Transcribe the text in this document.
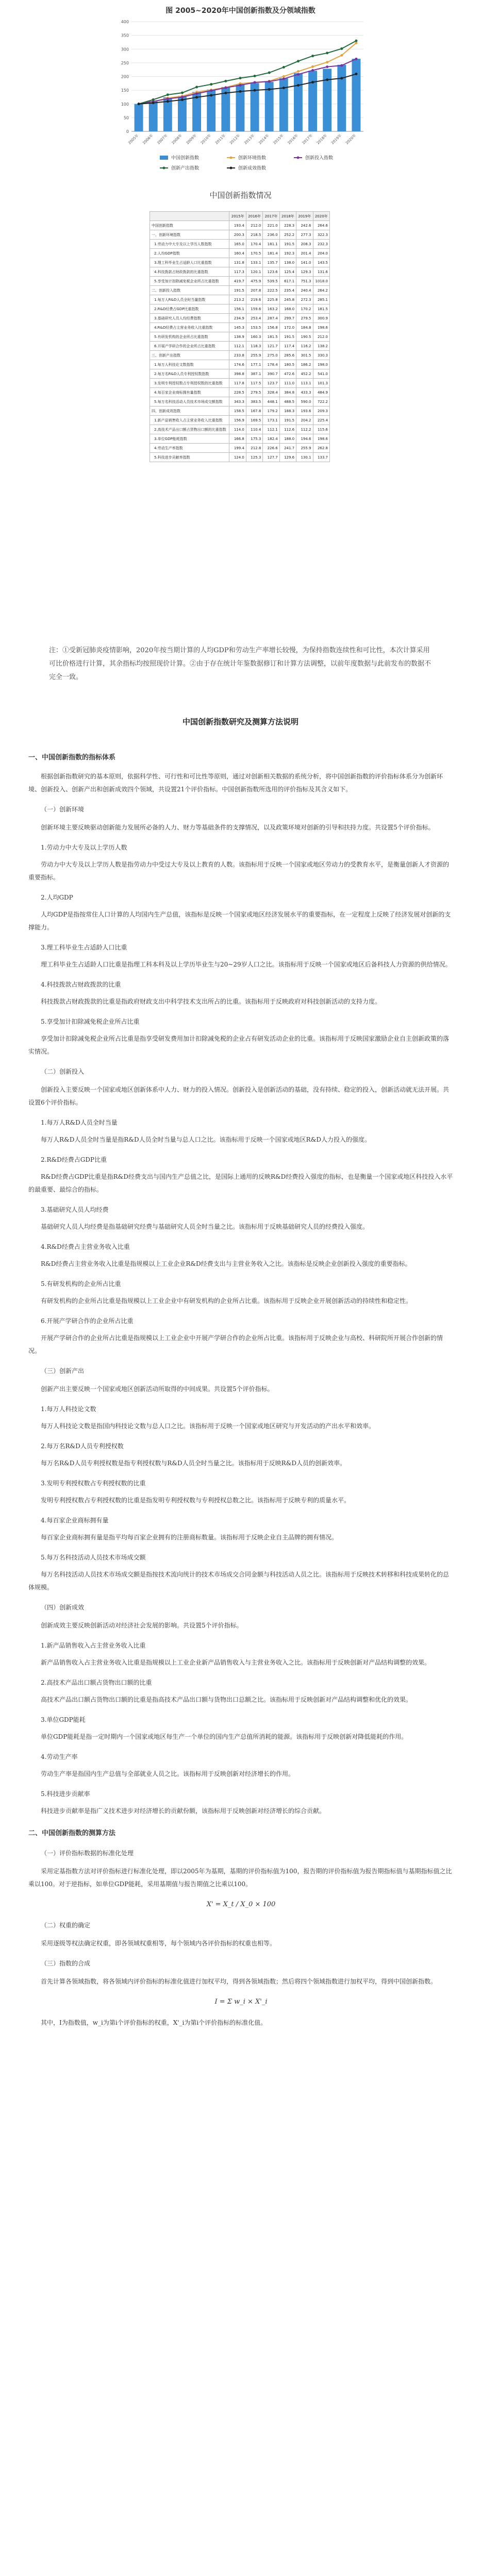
图 2005~2020年中国创新指数及分领域指数
0
50
100
150
200
250
300
350
400
2005年 2006年 2007年 2008年 2009年 2010年 2011年 2012年 2013年 2014年 2015年 2016年 2017年 2018年 2019年 2020年
中国创新指数	创新环境指数	创新投入指数
创新产出指数	创新成效指数
中国创新指数情况
	2015年	2016年	2017年	2018年	2019年	2020年
中国创新指数	193.4	212.0	221.0	228.3	242.6	264.6
一、创新环境指数	200.3	218.5	236.0	252.2	277.3	322.3
1.劳动力中大专及以上学历人数指数	165.0	170.4	181.1	191.5	208.3	232.3
2.人均GDP指数	160.4	170.5	181.4	192.3	201.4	204.0
3.理工科毕业生占适龄人口比重指数	131.8	133.1	135.7	138.0	141.0	143.5
4.科技拨款占财政拨款的比重指数	117.3	120.1	123.6	125.4	129.3	131.6
5.享受加计扣除减免税企业所占比重指数	419.7	475.9	539.5	617.1	751.3	1018.0
二、创新投入指数	191.5	207.8	222.5	235.4	240.4	264.2
1.每万人R&D人员全时当量指数	213.2	219.6	225.8	245.8	272.3	285.1
2.R&D经费占GDP比重指数	156.1	159.6	163.2	168.0	170.2	181.5
3.基础研究人员人均经费指数	234.9	253.4	287.4	299.7	279.5	300.9
4.R&D经费占主营业务收入比重指数	145.3	153.5	156.8	172.0	184.8	198.6
5.有研发机构的企业所占比重指数	138.9	160.3	181.5	191.5	190.5	212.0
6.开展产学研合作的企业所占比重指数	112.1	118.3	121.7	117.4	116.2	138.2
三、创新产出指数	233.8	255.9	275.0	285.6	301.5	330.3
1.每万人科技论文数指数	174.6	177.1	178.4	180.5	186.2	198.0
2.每万名R&D人员专利授权数指数	398.8	387.1	390.7	472.6	452.2	541.0
3.发明专利授权数占专利授权数的比重指数	117.8	117.5	123.7	111.0	113.1	101.3
4.每百家企业商标拥有量指数	228.5	279.5	328.4	384.8	433.3	484.9
5.每万名科技活动人员技术市场成交额指数	343.3	383.5	448.1	488.5	590.0	722.2
四、创新成效指数	158.5	167.8	179.2	188.3	193.6	209.3
1.新产品销售收入占主营业务收入比重指数	156.9	169.5	173.1	191.5	204.2	225.4
2.高技术产品出口额占货物出口额的比重指数	114.0	110.4	112.1	112.6	112.2	115.6
3.单位GDP能耗指数	166.8	175.3	182.4	188.0	194.6	198.6
4.劳动生产率指数	199.4	212.8	226.6	241.7	255.9	262.8
5.科技进步贡献率指数	124.0	125.3	127.7	129.6	130.1	133.7
注：①受新冠肺炎疫情影响，2020年按当期计算的人均GDP和劳动生产率增长较慢，为保持指数连续性和可比性，本次计算采用可比价格进行计算，其余指标均按照现价计算。②由于存在统计年鉴数据修订和计算方法调整，以前年度数据与此前发布的数据不完全一致。
中国创新指数研究及测算方法说明
一、中国创新指数的指标体系

根据创新指数研究的基本原则，依据科学性、可行性和可比性等原则，通过对创新相关数据的系统分析，将中国创新指数的评价指标体系分为创新环境、创新投入、创新产出和创新成效四个领域，共设置21个评价指标。中国创新指数所选用的评价指标及其含义如下。

（一）创新环境

创新环境主要反映驱动创新能力发展所必备的人力、财力等基础条件的支撑情况，以及政策环境对创新的引导和扶持力度。共设置5个评价指标。

1.劳动力中大专及以上学历人数

劳动力中大专及以上学历人数是指劳动力中受过大专及以上教育的人数。该指标用于反映一个国家或地区劳动力的受教育水平，是衡量创新人才资源的重要指标。

2.人均GDP

人均GDP是指按常住人口计算的人均国内生产总值，该指标是反映一个国家或地区经济发展水平的重要指标，在一定程度上反映了经济发展对创新的支撑能力。

3.理工科毕业生占适龄人口比重

理工科毕业生占适龄人口比重是指理工科本科及以上学历毕业生与20~29岁人口之比。该指标用于反映一个国家或地区后备科技人力资源的供给情况。

4.科技拨款占财政拨款的比重

科技拨款占财政拨款的比重是指政府财政支出中科学技术支出所占的比重。该指标用于反映政府对科技创新活动的支持力度。

5.享受加计扣除减免税企业所占比重

享受加计扣除减免税企业所占比重是指享受研发费用加计扣除减免税的企业占有研发活动企业的比重。该指标用于反映国家激励企业自主创新政策的落实情况。

（二）创新投入

创新投入主要反映一个国家或地区创新体系中人力、财力的投入情况。创新投入是创新活动的基础，没有持续、稳定的投入，创新活动就无法开展。共设置6个评价指标。

1.每万人R&D人员全时当量

每万人R&D人员全时当量是指R&D人员全时当量与总人口之比。该指标用于反映一个国家或地区R&D人力投入的强度。

2.R&D经费占GDP比重

R&D经费占GDP比重是指R&D经费支出与国内生产总值之比，是国际上通用的反映R&D经费投入强度的指标，也是衡量一个国家或地区科技投入水平的最重要、最综合的指标。

3.基础研究人员人均经费

基础研究人员人均经费是指基础研究经费与基础研究人员全时当量之比。该指标用于反映基础研究人员的经费投入强度。

4.R&D经费占主营业务收入比重

R&D经费占主营业务收入比重是指规模以上工业企业R&D经费支出与主营业务收入之比。该指标是反映企业创新投入强度的重要指标。

5.有研发机构的企业所占比重

有研发机构的企业所占比重是指规模以上工业企业中有研发机构的企业所占比重。该指标用于反映企业开展创新活动的持续性和稳定性。

6.开展产学研合作的企业所占比重

开展产学研合作的企业所占比重是指规模以上工业企业中开展产学研合作的企业所占比重。该指标用于反映企业与高校、科研院所开展合作创新的情况。

（三）创新产出

创新产出主要反映一个国家或地区创新活动所取得的中间成果。共设置5个评价指标。

1.每万人科技论文数

每万人科技论文数是指国内科技论文数与总人口之比。该指标用于反映一个国家或地区研究与开发活动的产出水平和效率。

2.每万名R&D人员专利授权数

每万名R&D人员专利授权数是指专利授权数与R&D人员全时当量之比。该指标用于反映R&D人员的创新效率。

3.发明专利授权数占专利授权数的比重

发明专利授权数占专利授权数的比重是指发明专利授权数与专利授权总数之比。该指标用于反映专利的质量水平。

4.每百家企业商标拥有量

每百家企业商标拥有量是指平均每百家企业拥有的注册商标数量。该指标用于反映企业自主品牌的拥有情况。

5.每万名科技活动人员技术市场成交额

每万名科技活动人员技术市场成交额是指按技术流向统计的技术市场成交合同金额与科技活动人员之比。该指标用于反映技术转移和科技成果转化的总体规模。

（四）创新成效

创新成效主要反映创新活动对经济社会发展的影响。共设置5个评价指标。

1.新产品销售收入占主营业务收入比重

新产品销售收入占主营业务收入比重是指规模以上工业企业新产品销售收入与主营业务收入之比。该指标用于反映创新对产品结构调整的效果。

2.高技术产品出口额占货物出口额的比重

高技术产品出口额占货物出口额的比重是指高技术产品出口额与货物出口总额之比。该指标用于反映创新对产品结构调整和优化的效果。

3.单位GDP能耗

单位GDP能耗是指一定时期内一个国家或地区每生产一个单位的国内生产总值所消耗的能源。该指标用于反映创新对降低能耗的作用。

4.劳动生产率

劳动生产率是指国内生产总值与全部就业人员之比。该指标用于反映创新对经济增长的作用。

5.科技进步贡献率

科技进步贡献率是指广义技术进步对经济增长的贡献份额，该指标用于反映创新对经济增长的综合贡献。

二、中国创新指数的测算方法
（一）评价指标数据的标准化处理

采用定基指数方法对评价指标进行标准化处理，即以2005年为基期，基期的评价指标值为100，报告期的评价指标值为报告期指标值与基期指标值之比乘以100。对于逆指标，如单位GDP能耗，采用基期值与报告期值之比乘以100。

X' = X_t / X_0 × 100
（二）权重的确定

采用逐级等权法确定权重，即各领域权重相等，每个领域内各评价指标的权重也相等。

（三）指数的合成

首先计算各领域指数，将各领域内评价指标的标准化值进行加权平均，得到各领域指数；然后将四个领域指数进行加权平均，得到中国创新指数。

I = Σ w_i × X'_i

其中，I为指数值，w_i为第i个评价指标的权重，X'_i为第i个评价指标的标准化值。
